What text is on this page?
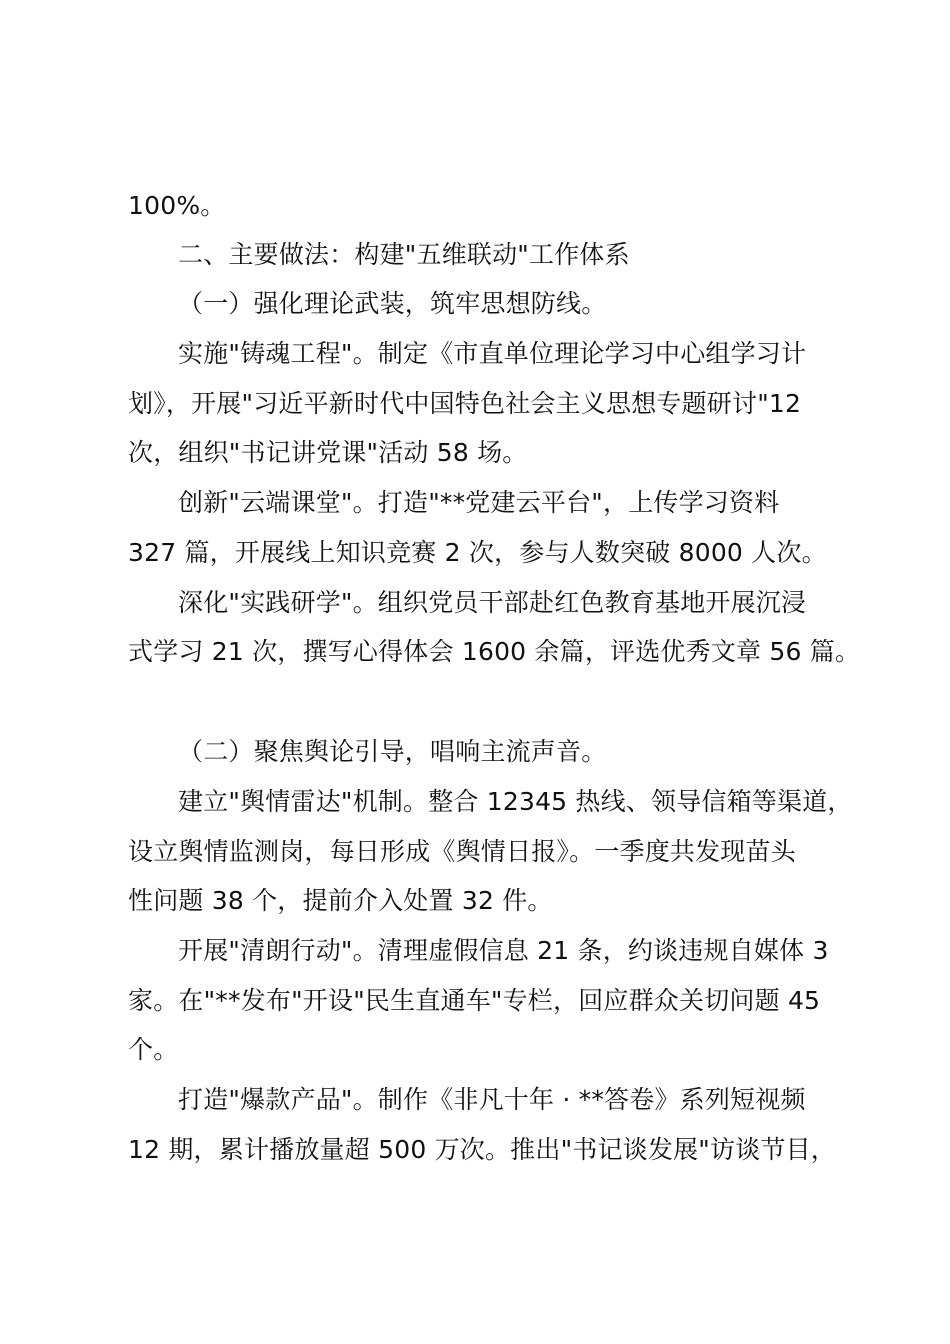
100%。
二、主要做法：构建"五维联动"工作体系
（一）强化理论武装，筑牢思想防线。
实施"铸魂工程"。制定《市直单位理论学习中心组学习计
划》，开展"习近平新时代中国特色社会主义思想专题研讨"12
次，组织"书记讲党课"活动 58 场。
创新"云端课堂"。打造"**党建云平台"，上传学习资料
327 篇，开展线上知识竞赛 2 次，参与人数突破 8000 人次。
深化"实践研学"。组织党员干部赴红色教育基地开展沉浸
式学习 21 次，撰写心得体会 1600 余篇，评选优秀文章 56 篇。
（二）聚焦舆论引导，唱响主流声音。
建立"舆情雷达"机制。整合 12345 热线、领导信箱等渠道，
设立舆情监测岗，每日形成《舆情日报》。一季度共发现苗头
性问题 38 个，提前介入处置 32 件。
开展"清朗行动"。清理虚假信息 21 条，约谈违规自媒体 3
家。在"**发布"开设"民生直通车"专栏，回应群众关切问题 45
个。
打造"爆款产品"。制作《非凡十年 · **答卷》系列短视频
12 期，累计播放量超 500 万次。推出"书记谈发展"访谈节目，
